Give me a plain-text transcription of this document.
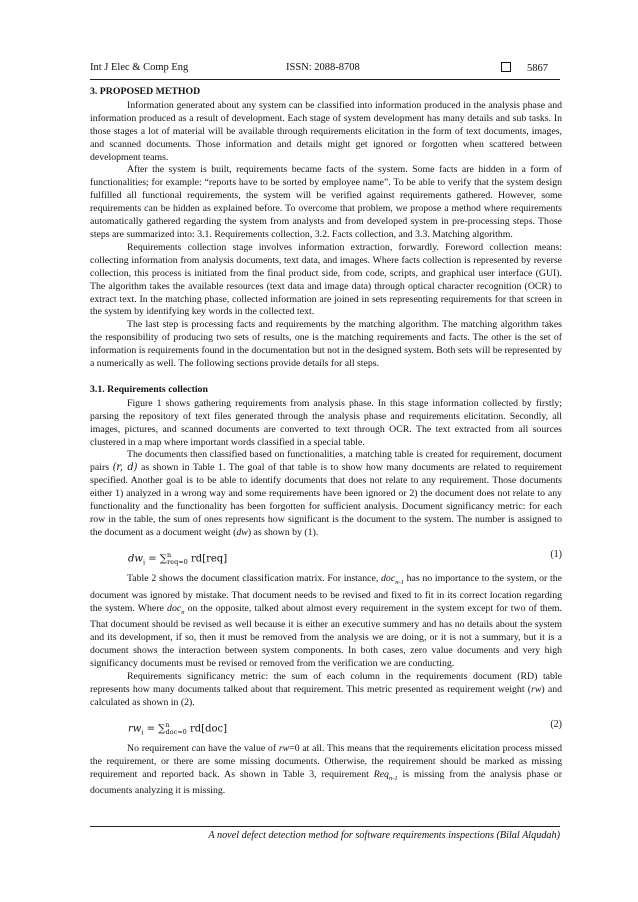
Int J Elec & Comp Eng	ISSN: 2088-8708	5867
3. PROPOSED METHOD

Information generated about any system can be classified into information produced in the analysis phase and information produced as a result of development. Each stage of system development has many details and sub tasks. In those stages a lot of material will be available through requirements elicitation in the form of text documents, images, and scanned documents. Those information and details might get ignored or forgotten when scattered between development teams.

After the system is built, requirements became facts of the system. Some facts are hidden in a form of functionalities; for example: “reports have to be sorted by employee name”. To be able to verify that the system design fulfilled all functional requirements, the system will be verified against requirements gathered. However, some requirements can be hidden as explained before. To overcome that problem, we propose a method where requirements automatically gathered regarding the system from analysts and from developed system in pre-processing steps. Those steps are summarized into: 3.1. Requirements collection, 3.2. Facts collection, and 3.3. Matching algorithm.

Requirements collection stage involves information extraction, forwardly. Foreword collection means: collecting information from analysis documents, text data, and images. Where facts collection is represented by reverse collection, this process is initiated from the final product side, from code, scripts, and graphical user interface (GUI). The algorithm takes the available resources (text data and image data) through optical character recognition (OCR) to extract text. In the matching phase, collected information are joined in sets representing requirements for that screen in the system by identifying key words in the collected text.

The last step is processing facts and requirements by the matching algorithm. The matching algorithm takes the responsibility of producing two sets of results, one is the matching requirements and facts. The other is the set of information is requirements found in the documentation but not in the designed system. Both sets will be represented by a numerically as well. The following sections provide details for all steps.

3.1. Requirements collection

Figure 1 shows gathering requirements from analysis phase. In this stage information collected by firstly; parsing the repository of text files generated through the analysis phase and requirements elicitation. Secondly, all images, pictures, and scanned documents are converted to text through OCR. The text extracted from all sources clustered in a map where important words classified in a special table.

The documents then classified based on functionalities, a matching table is created for requirement, document pairs (r, d) as shown in Table 1. The goal of that table is to show how many documents are related to requirement specified. Another goal is to be able to identify documents that does not relate to any requirement. Those documents either 1) analyzed in a wrong way and some requirements have been ignored or 2) the document does not relate to any functionality and the functionality has been forgotten for sufficient analysis. Document significancy metric: for each row in the table, the sum of ones represents how significant is the document to the system. The number is assigned to the document as a document weight (dw) as shown by (1).

$dw_i = \sum^n_{req=0}$ rd[req]	(1)

Table 2 shows the document classification matrix. For instance, doc$_{n-1}$ has no importance to the system, or the document was ignored by mistake. That document needs to be revised and fixed to fit in its correct location regarding the system. Where doc$_n$ on the opposite, talked about almost every requirement in the system except for two of them. That document should be revised as well because it is either an executive summery and has no details about the system and its development, if so, then it must be removed from the analysis we are doing, or it is not a summary, but it is a document shows the interaction between system components. In both cases, zero value documents and very high significancy documents must be revised or removed from the verification we are conducting.

Requirements significancy metric: the sum of each column in the requirements document (RD) table represents how many documents talked about that requirement. This metric presented as requirement weight (rw) and calculated as shown in (2).

$rw_i = \sum^n_{doc=0}$ rd[doc]	(2)

No requirement can have the value of rw=0 at all. This means that the requirements elicitation process missed the requirement, or there are some missing documents. Otherwise, the requirement should be marked as missing requirement and reported back. As shown in Table 3, requirement Req$_{n-1}$ is missing from the analysis phase or documents analyzing it is missing.

A novel defect detection method for software requirements inspections (Bilal Alqudah)
